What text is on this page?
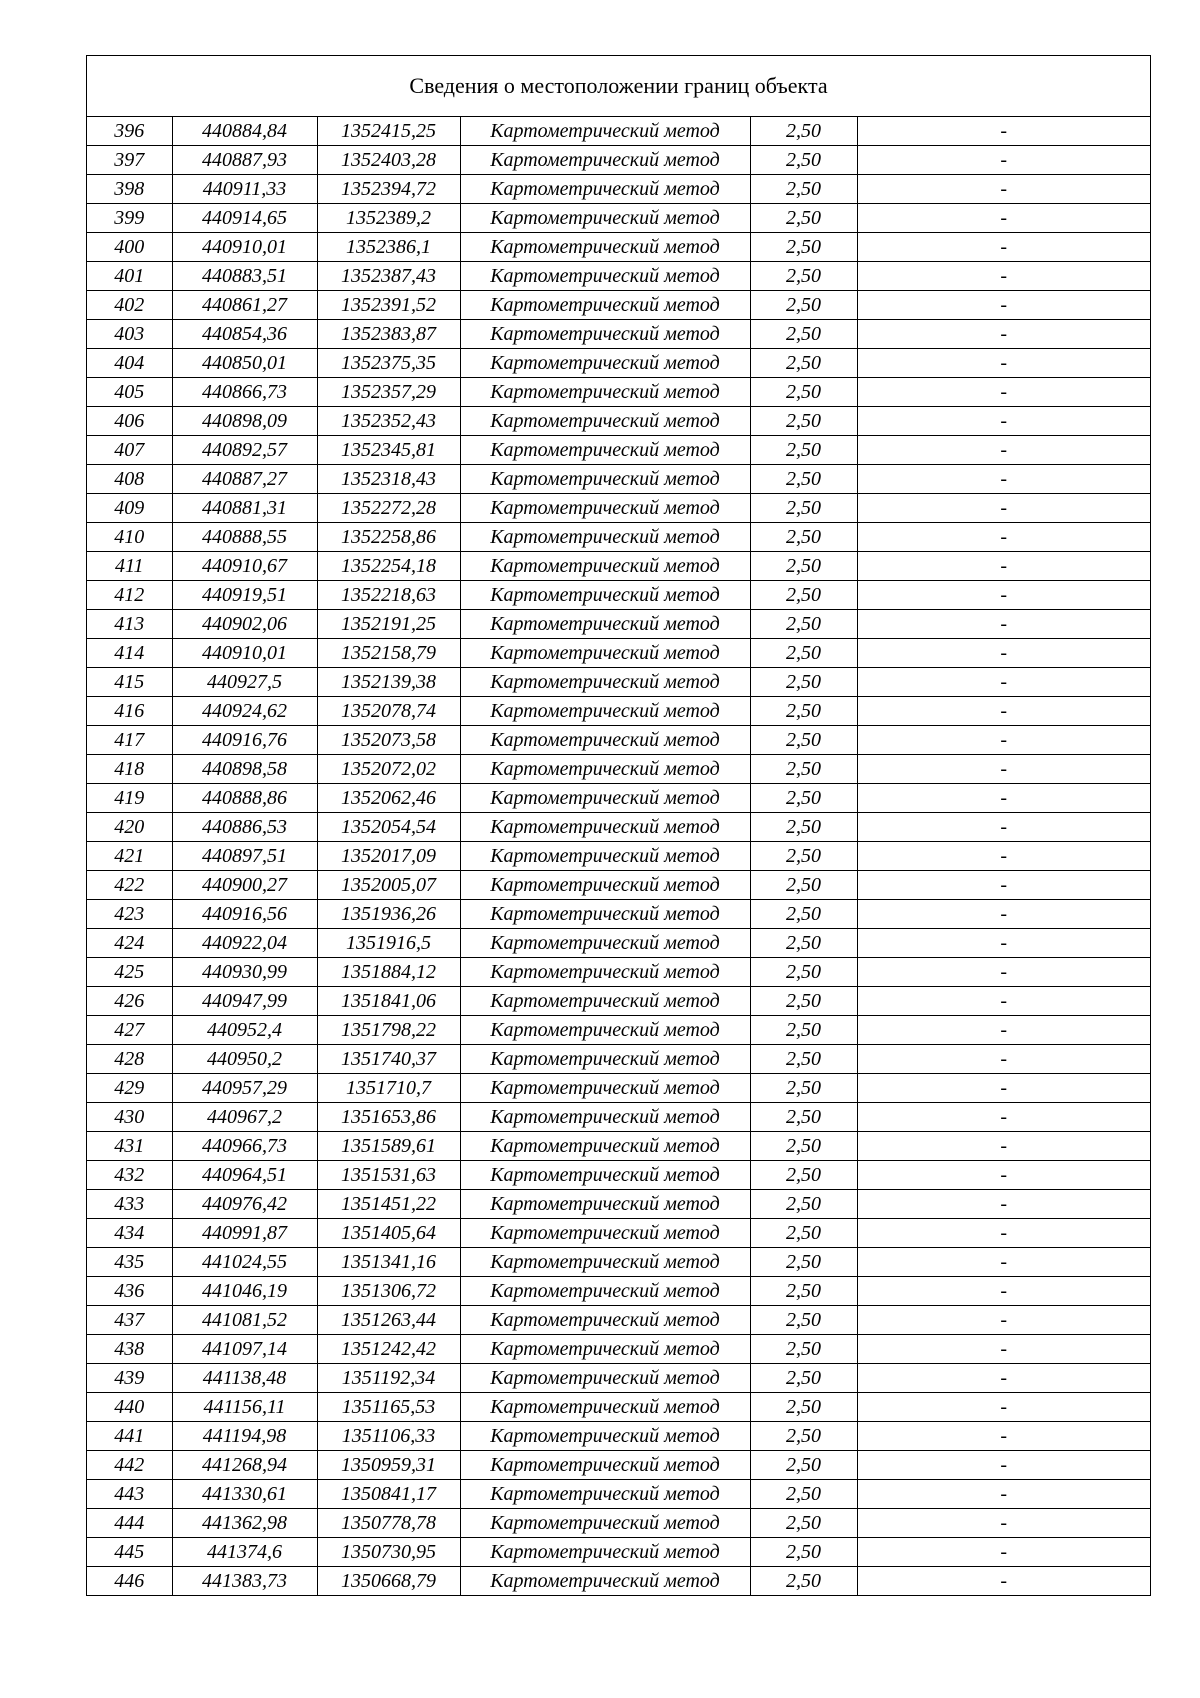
Сведения о местоположении границ объекта
396	440884,84	1352415,25	Картометрический метод	2,50	-
397	440887,93	1352403,28	Картометрический метод	2,50	-
398	440911,33	1352394,72	Картометрический метод	2,50	-
399	440914,65	1352389,2	Картометрический метод	2,50	-
400	440910,01	1352386,1	Картометрический метод	2,50	-
401	440883,51	1352387,43	Картометрический метод	2,50	-
402	440861,27	1352391,52	Картометрический метод	2,50	-
403	440854,36	1352383,87	Картометрический метод	2,50	-
404	440850,01	1352375,35	Картометрический метод	2,50	-
405	440866,73	1352357,29	Картометрический метод	2,50	-
406	440898,09	1352352,43	Картометрический метод	2,50	-
407	440892,57	1352345,81	Картометрический метод	2,50	-
408	440887,27	1352318,43	Картометрический метод	2,50	-
409	440881,31	1352272,28	Картометрический метод	2,50	-
410	440888,55	1352258,86	Картометрический метод	2,50	-
411	440910,67	1352254,18	Картометрический метод	2,50	-
412	440919,51	1352218,63	Картометрический метод	2,50	-
413	440902,06	1352191,25	Картометрический метод	2,50	-
414	440910,01	1352158,79	Картометрический метод	2,50	-
415	440927,5	1352139,38	Картометрический метод	2,50	-
416	440924,62	1352078,74	Картометрический метод	2,50	-
417	440916,76	1352073,58	Картометрический метод	2,50	-
418	440898,58	1352072,02	Картометрический метод	2,50	-
419	440888,86	1352062,46	Картометрический метод	2,50	-
420	440886,53	1352054,54	Картометрический метод	2,50	-
421	440897,51	1352017,09	Картометрический метод	2,50	-
422	440900,27	1352005,07	Картометрический метод	2,50	-
423	440916,56	1351936,26	Картометрический метод	2,50	-
424	440922,04	1351916,5	Картометрический метод	2,50	-
425	440930,99	1351884,12	Картометрический метод	2,50	-
426	440947,99	1351841,06	Картометрический метод	2,50	-
427	440952,4	1351798,22	Картометрический метод	2,50	-
428	440950,2	1351740,37	Картометрический метод	2,50	-
429	440957,29	1351710,7	Картометрический метод	2,50	-
430	440967,2	1351653,86	Картометрический метод	2,50	-
431	440966,73	1351589,61	Картометрический метод	2,50	-
432	440964,51	1351531,63	Картометрический метод	2,50	-
433	440976,42	1351451,22	Картометрический метод	2,50	-
434	440991,87	1351405,64	Картометрический метод	2,50	-
435	441024,55	1351341,16	Картометрический метод	2,50	-
436	441046,19	1351306,72	Картометрический метод	2,50	-
437	441081,52	1351263,44	Картометрический метод	2,50	-
438	441097,14	1351242,42	Картометрический метод	2,50	-
439	441138,48	1351192,34	Картометрический метод	2,50	-
440	441156,11	1351165,53	Картометрический метод	2,50	-
441	441194,98	1351106,33	Картометрический метод	2,50	-
442	441268,94	1350959,31	Картометрический метод	2,50	-
443	441330,61	1350841,17	Картометрический метод	2,50	-
444	441362,98	1350778,78	Картометрический метод	2,50	-
445	441374,6	1350730,95	Картометрический метод	2,50	-
446	441383,73	1350668,79	Картометрический метод	2,50	-
